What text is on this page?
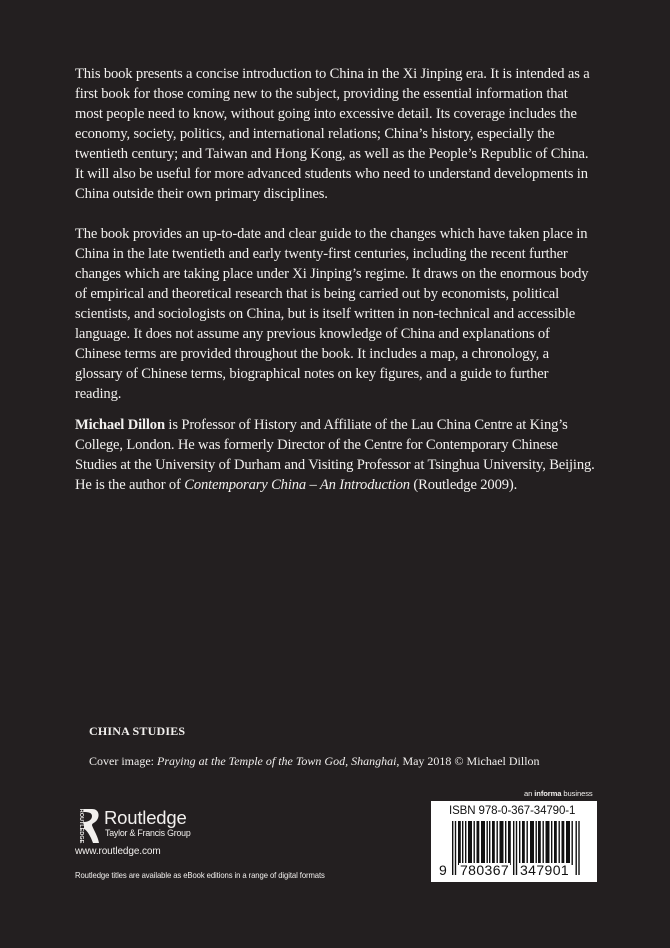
This book presents a concise introduction to China in the Xi Jinping era. It is intended as a first book for those coming new to the subject, providing the essential information that most people need to know, without going into excessive detail. Its coverage includes the economy, society, politics, and international relations; China’s history, especially the twentieth century; and Taiwan and Hong Kong, as well as the People’s Republic of China. It will also be useful for more advanced students who need to understand developments in China outside their own primary disciplines.

The book provides an up-to-date and clear guide to the changes which have taken place in China in the late twentieth and early twenty-first centuries, including the recent further changes which are taking place under Xi Jinping’s regime. It draws on the enormous body of empirical and theoretical research that is being carried out by economists, political scientists, and sociologists on China, but is itself written in non-technical and accessible language. It does not assume any previous knowledge of China and explanations of Chinese terms are provided throughout the book. It includes a map, a chronology, a glossary of Chinese terms, biographical notes on key figures, and a guide to further reading.

Michael Dillon is Professor of History and Affiliate of the Lau China Centre at King’s College, London. He was formerly Director of the Centre for Contemporary Chinese Studies at the University of Durham and Visiting Professor at Tsinghua University, Beijing. He is the author of Contemporary China – An Introduction (Routledge 2009).

CHINA STUDIES
Cover image: Praying at the Temple of the Town God, Shanghai, May 2018 © Michael Dillon
ROUTLEDGE Routledge
Taylor & Francis Group
www.routledge.com
Routledge titles are available as eBook editions in a range of digital formats
an informa business
ISBN 978-0-367-34790-1
9 780367 347901
